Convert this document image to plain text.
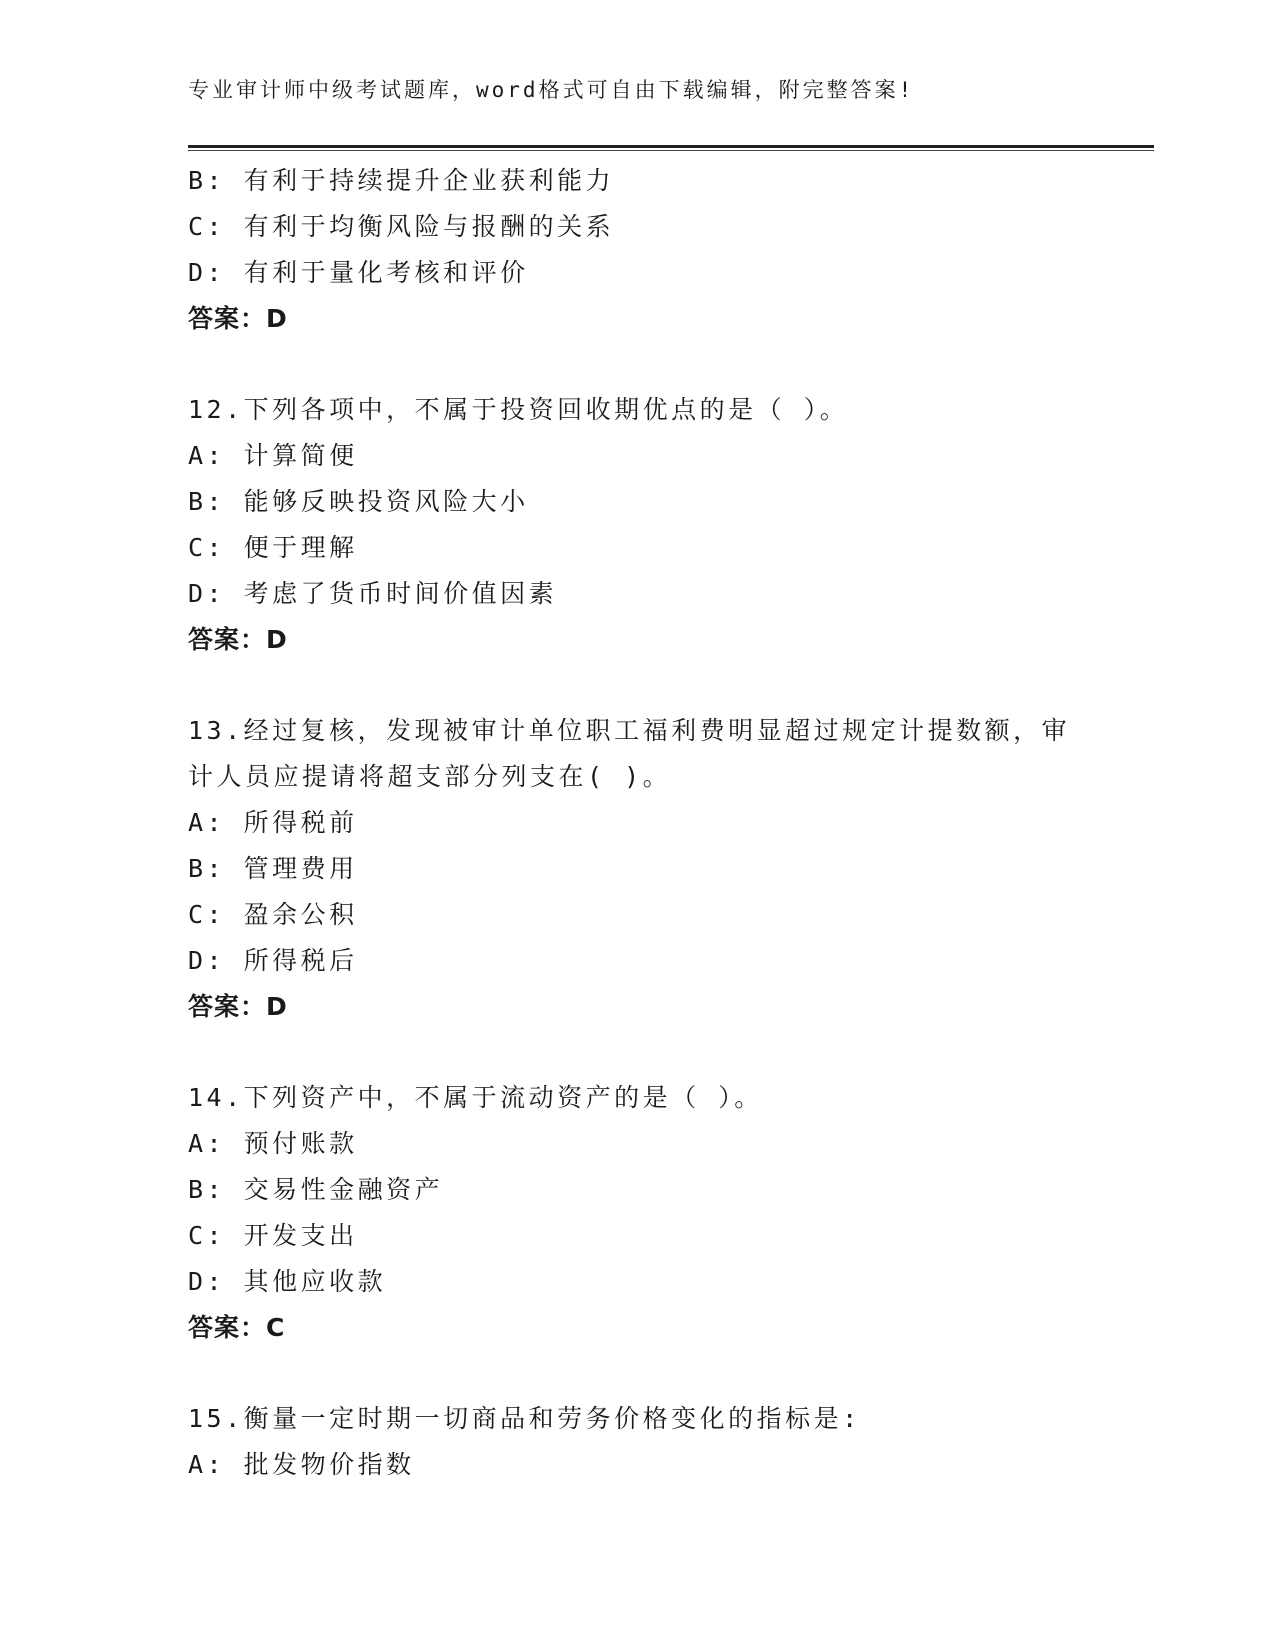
专业审计师中级考试题库，word格式可自由下载编辑，附完整答案!
B: 有利于持续提升企业获利能力
C: 有利于均衡风险与报酬的关系
D: 有利于量化考核和评价
答案：D
12.下列各项中，不属于投资回收期优点的是（ ）。
A: 计算简便
B: 能够反映投资风险大小
C: 便于理解
D: 考虑了货币时间价值因素
答案：D
13.经过复核，发现被审计单位职工福利费明显超过规定计提数额，审
计人员应提请将超支部分列支在( )。
A: 所得税前
B: 管理费用
C: 盈余公积
D: 所得税后
答案：D
14.下列资产中，不属于流动资产的是（ ）。
A: 预付账款
B: 交易性金融资产
C: 开发支出
D: 其他应收款
答案：C
15.衡量一定时期一切商品和劳务价格变化的指标是:
A: 批发物价指数
